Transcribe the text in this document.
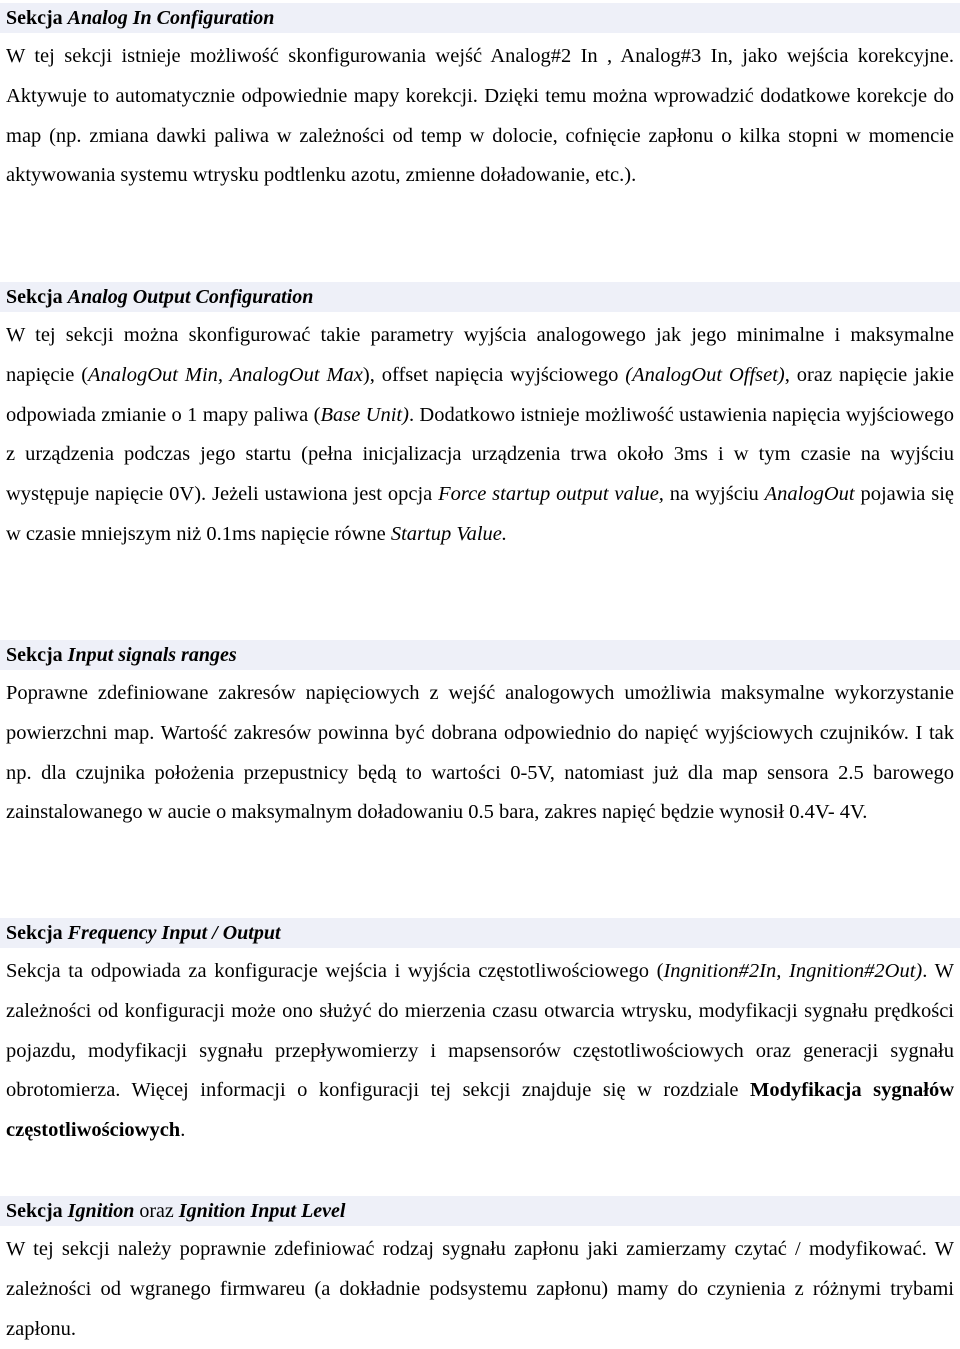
Sekcja Analog In Configuration

W tej sekcji istnieje możliwość skonfigurowania wejść Analog#2 In , Analog#3 In, jako wejścia korekcyjne. Aktywuje to automatycznie odpowiednie mapy korekcji. Dzięki temu można wprowadzić dodatkowe korekcje do map (np. zmiana dawki paliwa w zależności od temp w dolocie, cofnięcie zapłonu o kilka stopni w momencie aktywowania systemu wtrysku podtlenku azotu, zmienne doładowanie, etc.).

Sekcja Analog Output Configuration

W tej sekcji można skonfigurować takie parametry wyjścia analogowego jak jego minimalne i maksymalne napięcie (AnalogOut Min, AnalogOut Max), offset napięcia wyjściowego (AnalogOut Offset), oraz napięcie jakie odpowiada zmianie o 1 mapy paliwa (Base Unit). Dodatkowo istnieje możliwość ustawienia napięcia wyjściowego z urządzenia podczas jego startu (pełna inicjalizacja urządzenia trwa około 3ms i w tym czasie na wyjściu występuje napięcie 0V). Jeżeli ustawiona jest opcja Force startup output value, na wyjściu AnalogOut pojawia się w czasie mniejszym niż 0.1ms napięcie równe Startup Value.

Sekcja Input signals ranges

Poprawne zdefiniowane zakresów napięciowych z wejść analogowych umożliwia maksymalne wykorzystanie powierzchni map. Wartość zakresów powinna być dobrana odpowiednio do napięć wyjściowych czujników. I tak np. dla czujnika położenia przepustnicy będą to wartości 0-5V, natomiast już dla map sensora 2.5 barowego zainstalowanego w aucie o maksymalnym doładowaniu 0.5 bara, zakres napięć będzie wynosił 0.4V- 4V.

Sekcja Frequency Input / Output

Sekcja ta odpowiada za konfiguracje wejścia i wyjścia częstotliwościowego (Ingnition#2In, Ingnition#2Out). W zależności od konfiguracji może ono służyć do mierzenia czasu otwarcia wtrysku, modyfikacji sygnału prędkości pojazdu, modyfikacji sygnału przepływomierzy i mapsensorów częstotliwościowych oraz generacji sygnału obrotomierza. Więcej informacji o konfiguracji tej sekcji znajduje się w rozdziale Modyfikacja sygnałów częstotliwościowych.

Sekcja Ignition oraz Ignition Input Level

W tej sekcji należy poprawnie zdefiniować rodzaj sygnału zapłonu jaki zamierzamy czytać / modyfikować. W zależności od wgranego firmwareu (a dokładnie podsystemu zapłonu) mamy do czynienia z różnymi trybami zapłonu.
